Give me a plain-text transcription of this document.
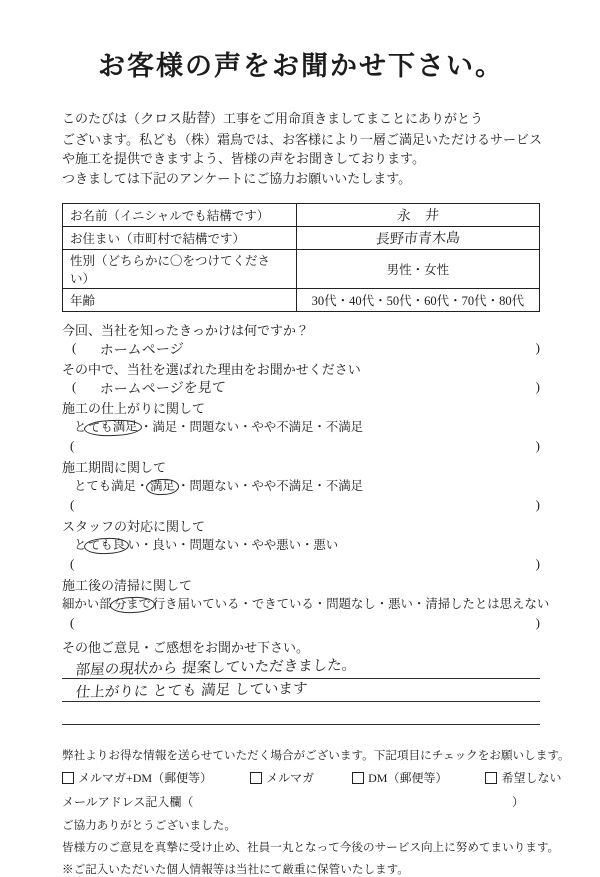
お客様の声をお聞かせ下さい。

このたびは（クロス貼替）工事をご用命頂きましてまことにありがとう

ございます。私ども（株）霜鳥では、お客様により一層ご満足いただけるサービス

や施工を提供できますよう、皆様の声をお聞きしております。

つきましては下記のアンケートにご協力お願いいたします。

お名前（イニシャルでも結構です）	永　井
お住まい（市町村で結構です）	長野市青木島
性別（どちらかに〇をつけてください）	男性・女性
年齢	30代・40代・50代・60代・70代・80代
今回、当社を知ったきっかけは何ですか？
( ホームページ	)
その中で、当社を選ばれた理由をお聞かせください
( ホームページを見て	)
施工の仕上がりに関して
と ても満足 ・満足・問題ない・やや不満足・不満足
(	)
施工期間に関して
とても満足・ 満足 ・問題ない・やや不満足・不満足
(	)
スタッフの対応に関して
と ても良 い・良い・問題ない・やや悪い・悪い
(	)
施工後の清掃に関して
細かい部 分まで 行き届いている・できている・問題なし・悪い・清掃したとは思えない
(	)
その他ご意見・ご感想をお聞かせ下さい。
部屋の現状から 提案していただきました。
仕上がりに とても 満足 しています

弊社よりお得な情報を送らせていただく場合がございます。下記項目にチェックをお願いします。

メルマガ+DM（郵便等）	メルマガ	DM（郵便等）	希望しない
メールアドレス記入欄（	）

ご協力ありがとうございました。

皆様方のご意見を真摯に受け止め、社員一丸となって今後のサービス向上に努めてまいります。

※ご記入いただいた個人情報等は当社にて厳重に保管いたします。
